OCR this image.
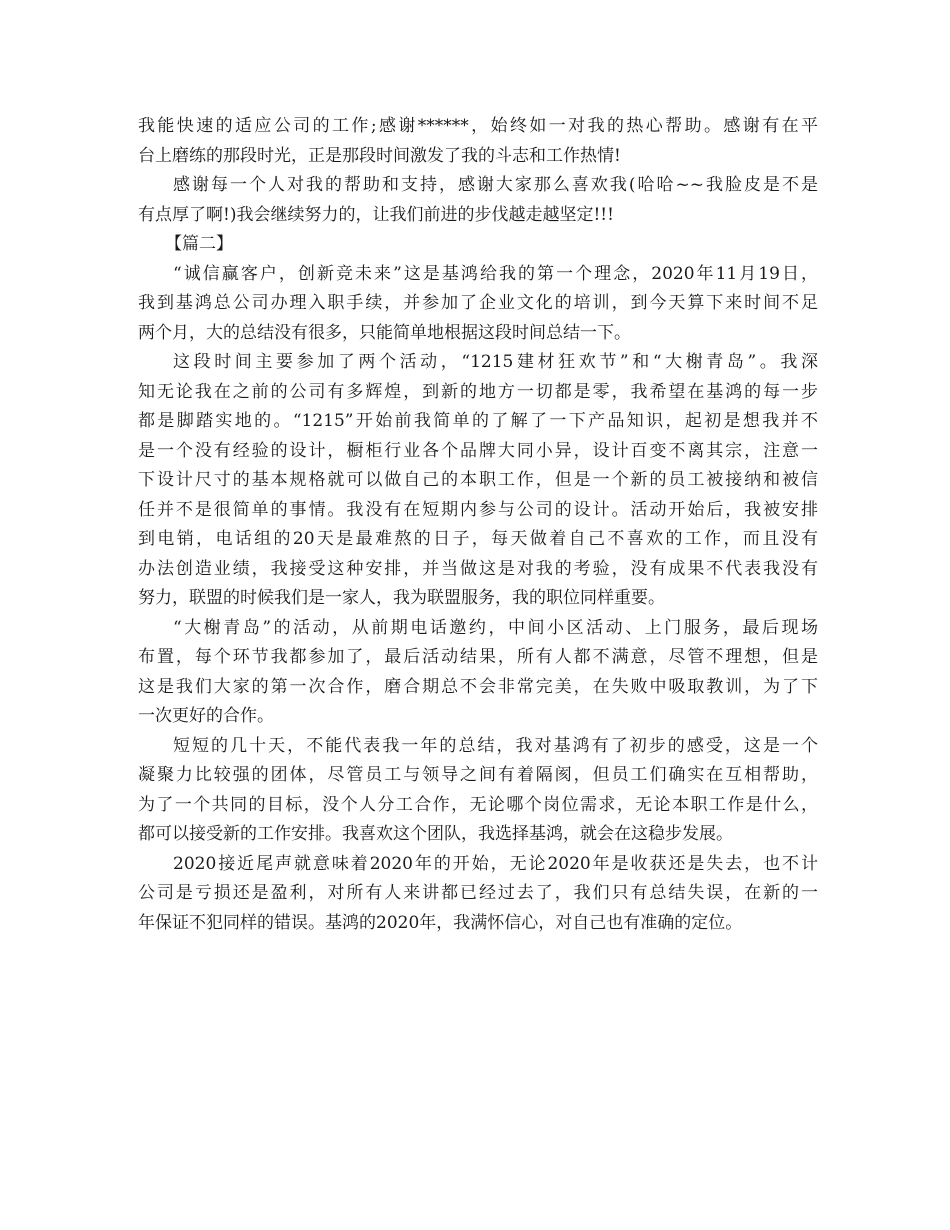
我能快速的适应公司的工作;感谢******，始终如一对我的热心帮助。感谢有在平
台上磨练的那段时光，正是那段时间激发了我的斗志和工作热情!
感谢每一个人对我的帮助和支持，感谢大家那么喜欢我(哈哈~~我脸皮是不是
有点厚了啊!)我会继续努力的，让我们前进的步伐越走越坚定!!!
【篇二】
“诚信赢客户，创新竞未来”这是基鸿给我的第一个理念，2020年11月19日，
我到基鸿总公司办理入职手续，并参加了企业文化的培训，到今天算下来时间不足
两个月，大的总结没有很多，只能简单地根据这段时间总结一下。
这段时间主要参加了两个活动，“1215建材狂欢节”和“大榭青岛”。我深
知无论我在之前的公司有多辉煌，到新的地方一切都是零，我希望在基鸿的每一步
都是脚踏实地的。“1215”开始前我简单的了解了一下产品知识，起初是想我并不
是一个没有经验的设计，橱柜行业各个品牌大同小异，设计百变不离其宗，注意一
下设计尺寸的基本规格就可以做自己的本职工作，但是一个新的员工被接纳和被信
任并不是很简单的事情。我没有在短期内参与公司的设计。活动开始后，我被安排
到电销，电话组的20天是最难熬的日子，每天做着自己不喜欢的工作，而且没有
办法创造业绩，我接受这种安排，并当做这是对我的考验，没有成果不代表我没有
努力，联盟的时候我们是一家人，我为联盟服务，我的职位同样重要。
“大榭青岛”的活动，从前期电话邀约，中间小区活动、上门服务，最后现场
布置，每个环节我都参加了，最后活动结果，所有人都不满意，尽管不理想，但是
这是我们大家的第一次合作，磨合期总不会非常完美，在失败中吸取教训，为了下
一次更好的合作。
短短的几十天，不能代表我一年的总结，我对基鸿有了初步的感受，这是一个
凝聚力比较强的团体，尽管员工与领导之间有着隔阂，但员工们确实在互相帮助，
为了一个共同的目标，没个人分工合作，无论哪个岗位需求，无论本职工作是什么，
都可以接受新的工作安排。我喜欢这个团队，我选择基鸿，就会在这稳步发展。
2020接近尾声就意味着2020年的开始，无论2020年是收获还是失去，也不计
公司是亏损还是盈利，对所有人来讲都已经过去了，我们只有总结失误，在新的一
年保证不犯同样的错误。基鸿的2020年，我满怀信心，对自己也有准确的定位。
